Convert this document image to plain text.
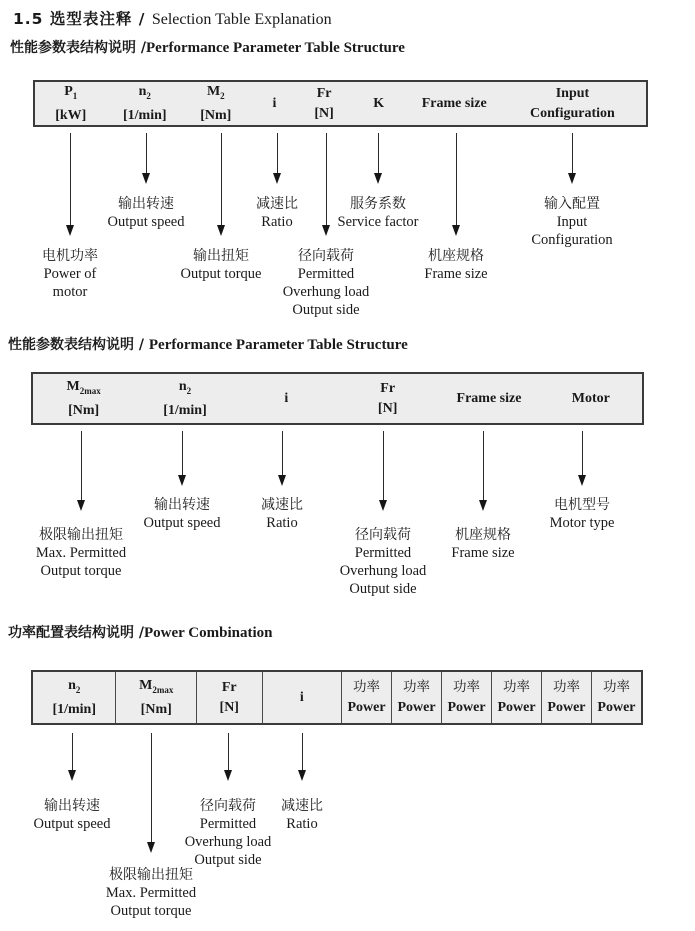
1.5 选型表注释 / Selection Table Explanation
性能参数表结构说明 /Performance Parameter Table Structure
$P_1$
[kW]
$n_2$
[1/min]
$M_2$
[Nm]
i
Fr
[N]
K	Frame size
Input
Configuration
性能参数表结构说明 / Performance Parameter Table Structure
$M_{2max}$
[Nm]
$n_2$
[1/min]
i
Fr
[N]
Frame size	Motor
功率配置表结构说明 /Power Combination
$n_2$
[1/min]
$M_{2max}$
[Nm]
Fr
[N]
i
功率
Power
功率
Power
功率
Power
功率
Power
功率
Power
功率
Power
电机功率
Power of
motor
输出转速
Output speed
输出扭矩
Output torque
减速比
Ratio
径向载荷
Permitted
Overhung load
Output side
服务系数
Service factor
机座规格
Frame size
输入配置
Input
Configuration
极限输出扭矩
Max. Permitted
Output torque
输出转速
Output speed
减速比
Ratio
径向载荷
Permitted
Overhung load
Output side
机座规格
Frame size
电机型号
Motor type
输出转速
Output speed
极限输出扭矩
Max. Permitted
Output torque
径向载荷
Permitted
Overhung load
Output side
减速比
Ratio
